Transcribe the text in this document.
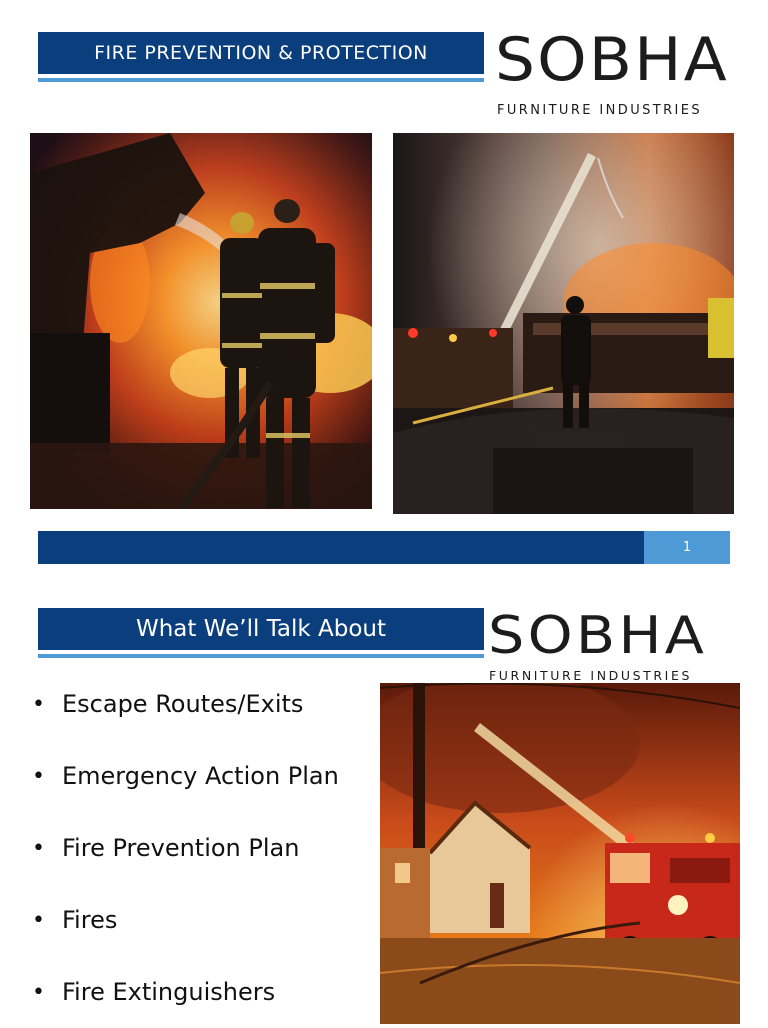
FIRE PREVENTION & PROTECTION SOBHA
FURNITURE INDUSTRIES
1
What We’ll Talk About SOBHA
FURNITURE INDUSTRIES
• Escape Routes/Exits
• Emergency Action Plan
• Fire Prevention Plan
• Fires
• Fire Extinguishers
